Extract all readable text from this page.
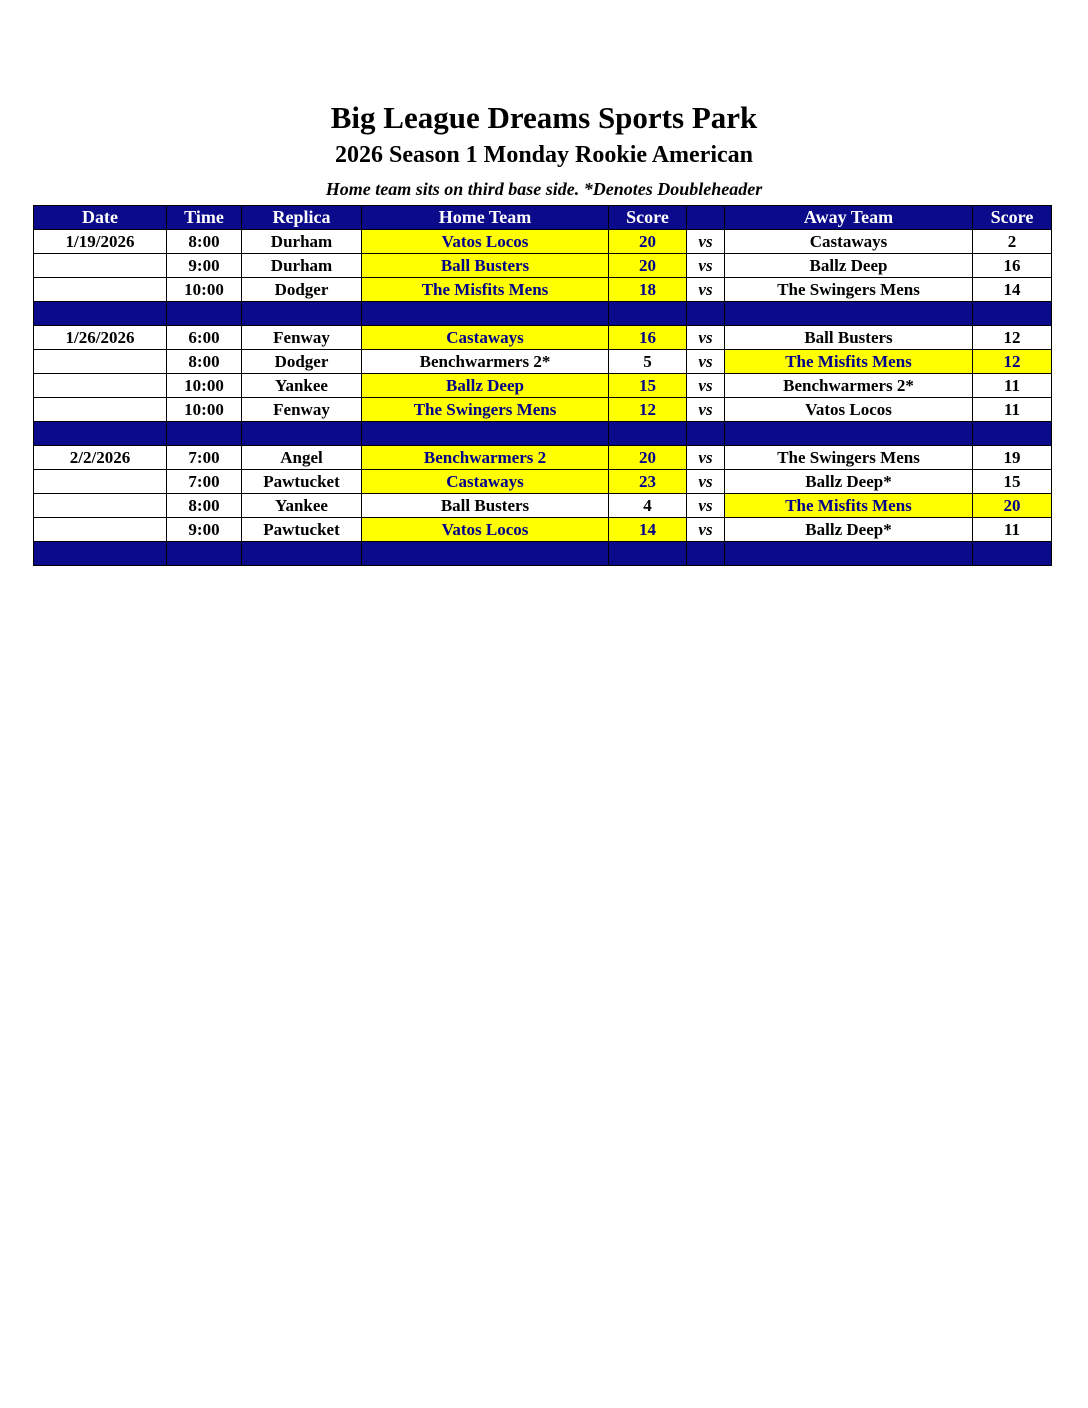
Big League Dreams Sports Park
2026 Season 1 Monday Rookie American
Home team sits on third base side. *Denotes Doubleheader
Date	Time	Replica	Home Team	Score		Away Team	Score
1/19/2026	8:00	Durham	Vatos Locos	20	vs	Castaways	2
	9:00	Durham	Ball Busters	20	vs	Ballz Deep	16
	10:00	Dodger	The Misfits Mens	18	vs	The Swingers Mens	14

1/26/2026	6:00	Fenway	Castaways	16	vs	Ball Busters	12
	8:00	Dodger	Benchwarmers 2*	5	vs	The Misfits Mens	12
	10:00	Yankee	Ballz Deep	15	vs	Benchwarmers 2*	11
	10:00	Fenway	The Swingers Mens	12	vs	Vatos Locos	11

2/2/2026	7:00	Angel	Benchwarmers 2	20	vs	The Swingers Mens	19
	7:00	Pawtucket	Castaways	23	vs	Ballz Deep*	15
	8:00	Yankee	Ball Busters	4	vs	The Misfits Mens	20
	9:00	Pawtucket	Vatos Locos	14	vs	Ballz Deep*	11
